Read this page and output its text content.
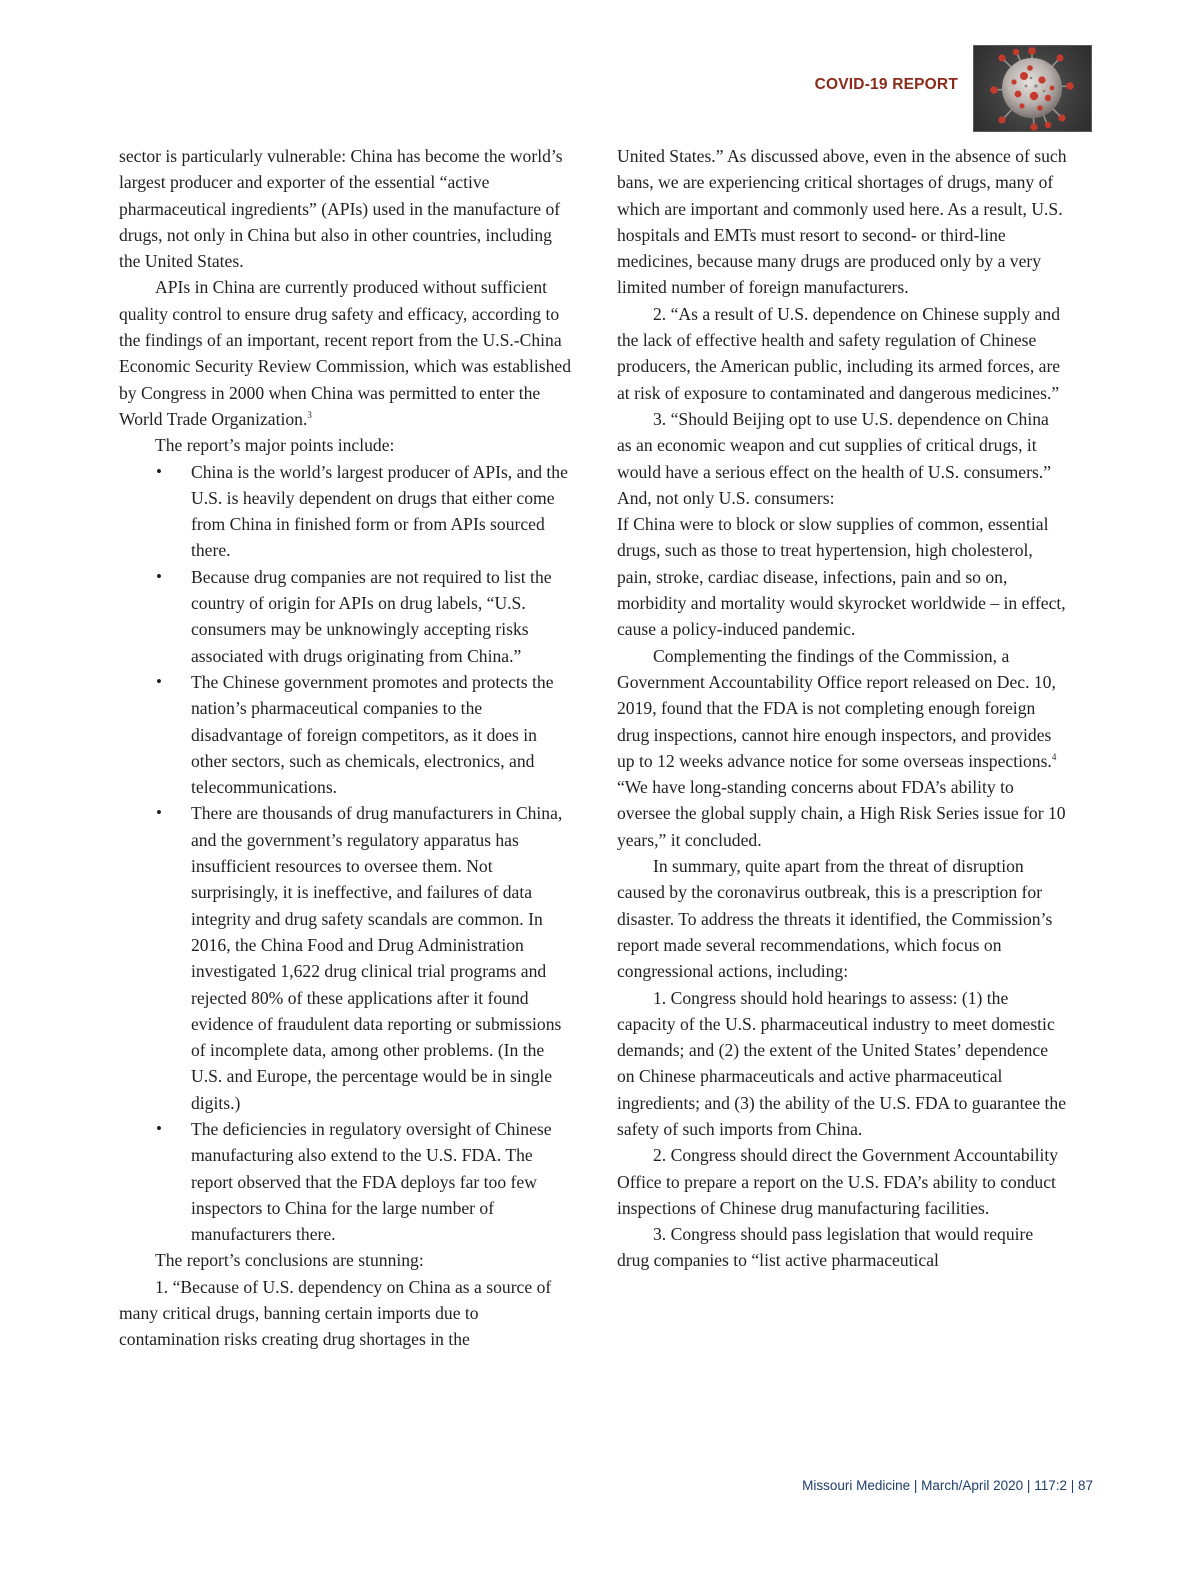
COVID-19 REPORT

sector is particularly vulnerable: China has become the world’s largest producer and exporter of the essential “active pharmaceutical ingredients” (APIs) used in the manufacture of drugs, not only in China but also in other countries, including the United States.

APIs in China are currently produced without sufficient quality control to ensure drug safety and efficacy, according to the findings of an important, recent report from the U.S.-China Economic Security Review Commission, which was established by Congress in 2000 when China was permitted to enter the World Trade Organization.$^3$

The report’s major points include:

• China is the world’s largest producer of APIs, and the U.S. is heavily dependent on drugs that either come from China in finished form or from APIs sourced there.
• Because drug companies are not required to list the country of origin for APIs on drug labels, “U.S. consumers may be unknowingly accepting risks associated with drugs originating from China.”
• The Chinese government promotes and protects the nation’s pharmaceutical companies to the disadvantage of foreign competitors, as it does in other sectors, such as chemicals, electronics, and telecommunications.
• There are thousands of drug manufacturers in China, and the government’s regulatory apparatus has insufficient resources to oversee them. Not surprisingly, it is ineffective, and failures of data integrity and drug safety scandals are common. In 2016, the China Food and Drug Administration investigated 1,622 drug clinical trial programs and rejected 80% of these applications after it found evidence of fraudulent data reporting or submissions of incomplete data, among other problems. (In the U.S. and Europe, the percentage would be in single digits.)
• The deficiencies in regulatory oversight of Chinese manufacturing also extend to the U.S. FDA. The report observed that the FDA deploys far too few inspectors to China for the large number of manufacturers there.

The report’s conclusions are stunning:

1. “Because of U.S. dependency on China as a source of many critical drugs, banning certain imports due to contamination risks creating drug shortages in the

United States.” As discussed above, even in the absence of such bans, we are experiencing critical shortages of drugs, many of which are important and commonly used here. As a result, U.S. hospitals and EMTs must resort to second- or third-line medicines, because many drugs are produced only by a very limited number of foreign manufacturers.

2. “As a result of U.S. dependence on Chinese supply and the lack of effective health and safety regulation of Chinese producers, the American public, including its armed forces, are at risk of exposure to contaminated and dangerous medicines.”

3. “Should Beijing opt to use U.S. dependence on China as an economic weapon and cut supplies of critical drugs, it would have a serious effect on the health of U.S. consumers.” And, not only U.S. consumers:

If China were to block or slow supplies of common, essential drugs, such as those to treat hypertension, high cholesterol, pain, stroke, cardiac disease, infections, pain and so on, morbidity and mortality would skyrocket worldwide – in effect, cause a policy-induced pandemic.

Complementing the findings of the Commission, a Government Accountability Office report released on Dec. 10, 2019, found that the FDA is not completing enough foreign drug inspections, cannot hire enough inspectors, and provides up to 12 weeks advance notice for some overseas inspections.$^4$ “We have long-standing concerns about FDA’s ability to oversee the global supply chain, a High Risk Series issue for 10 years,” it concluded.

In summary, quite apart from the threat of disruption caused by the coronavirus outbreak, this is a prescription for disaster. To address the threats it identified, the Commission’s report made several recommendations, which focus on congressional actions, including:

1. Congress should hold hearings to assess: (1) the capacity of the U.S. pharmaceutical industry to meet domestic demands; and (2) the extent of the United States’ dependence on Chinese pharmaceuticals and active pharmaceutical ingredients; and (3) the ability of the U.S. FDA to guarantee the safety of such imports from China.

2. Congress should direct the Government Accountability Office to prepare a report on the U.S. FDA’s ability to conduct inspections of Chinese drug manufacturing facilities.

3. Congress should pass legislation that would require drug companies to “list active pharmaceutical

Missouri Medicine | March/April 2020 | 117:2 | 87
